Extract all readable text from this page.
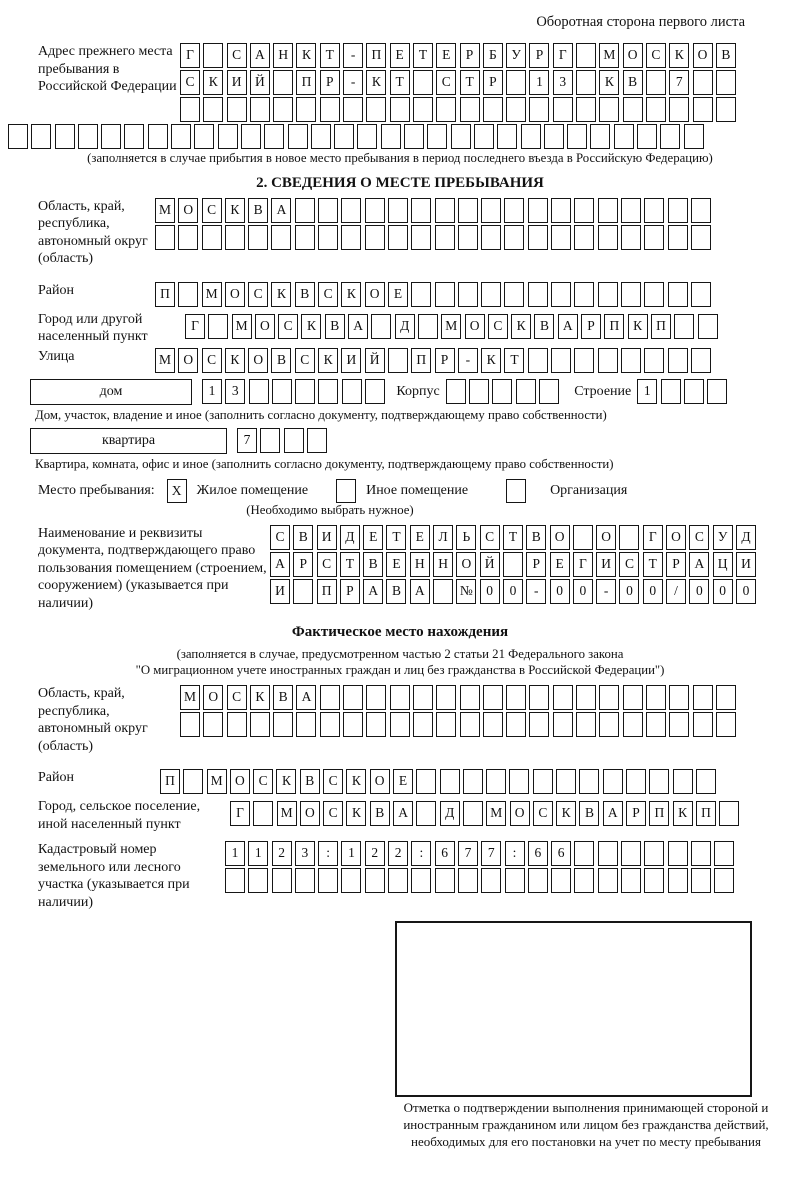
Оборотная сторона первого листа
Адрес прежнего места пребывания в Российской Федерации
Г	С	А	Н	К	Т	-	П	Е	Т	Е	Р	Б	У	Р	Г	М О	С	К	О	В
С	К	И	Й	П	Р	-	К	Т	С	Т	Р	1	3	К	В	7
(заполняется в случае прибытия в новое место пребывания в период последнего въезда в Российскую Федерацию)
2. СВЕДЕНИЯ О МЕСТЕ ПРЕБЫВАНИЯ
Область, край, республика, автономный округ (область)
М О	С	К	В	А
Район	П	М О	С	К	В	С	К	О	Е
Город или другой населенный пункт
Г	М О	С	К	В	А	Д	М О	С	К	В	А	Р	П	К	П
Улица	М О	С	К	О	В	С	К	И	Й	П	Р	-	К	Т
дом	1	3	Корпус	Строение 1
Дом, участок, владение и иное (заполнить согласно документу, подтверждающему право собственности)
квартира	7
Квартира, комната, офис и иное (заполнить согласно документу, подтверждающему право собственности)
Место пребывания:	X	Жилое помещение	Иное помещение	Организация
(Необходимо выбрать нужное)
Наименование и реквизиты документа, подтверждающего право пользования помещением (строением, сооружением) (указывается при наличии)
С	В	И	Д	Е	Т	Е	Л	Ь	С	Т	В	О	О	Г	О	С	У	Д
А	Р	С	Т	В	Е	Н	Н	О	Й	Р	Е	Г	И	С	Т	Р	А	Ц	И
И	П	Р	А	В	А	№ 0	0	-	0	0	-	0	0	/	0	0	0
Фактическое место нахождения
(заполняется в случае, предусмотренном частью 2 статьи 21 Федерального закона
"О миграционном учете иностранных граждан и лиц без гражданства в Российской Федерации")
Область, край, республика, автономный округ (область)
М О	С	К	В	А
Район	П	М О	С	К	В	С	К	О	Е
Город, сельское поселение, иной населенный пункт
Г	М О	С	К	В	А	Д	М О	С	К	В	А	Р	П	К	П
Кадастровый номер земельного или лесного участка (указывается при наличии)
1	1	2	3	:	1	2	2	:	6	7	7	:	6	6
Отметка о подтверждении выполнения принимающей стороной и иностранным гражданином или лицом без гражданства действий, необходимых для его постановки на учет по месту пребывания
